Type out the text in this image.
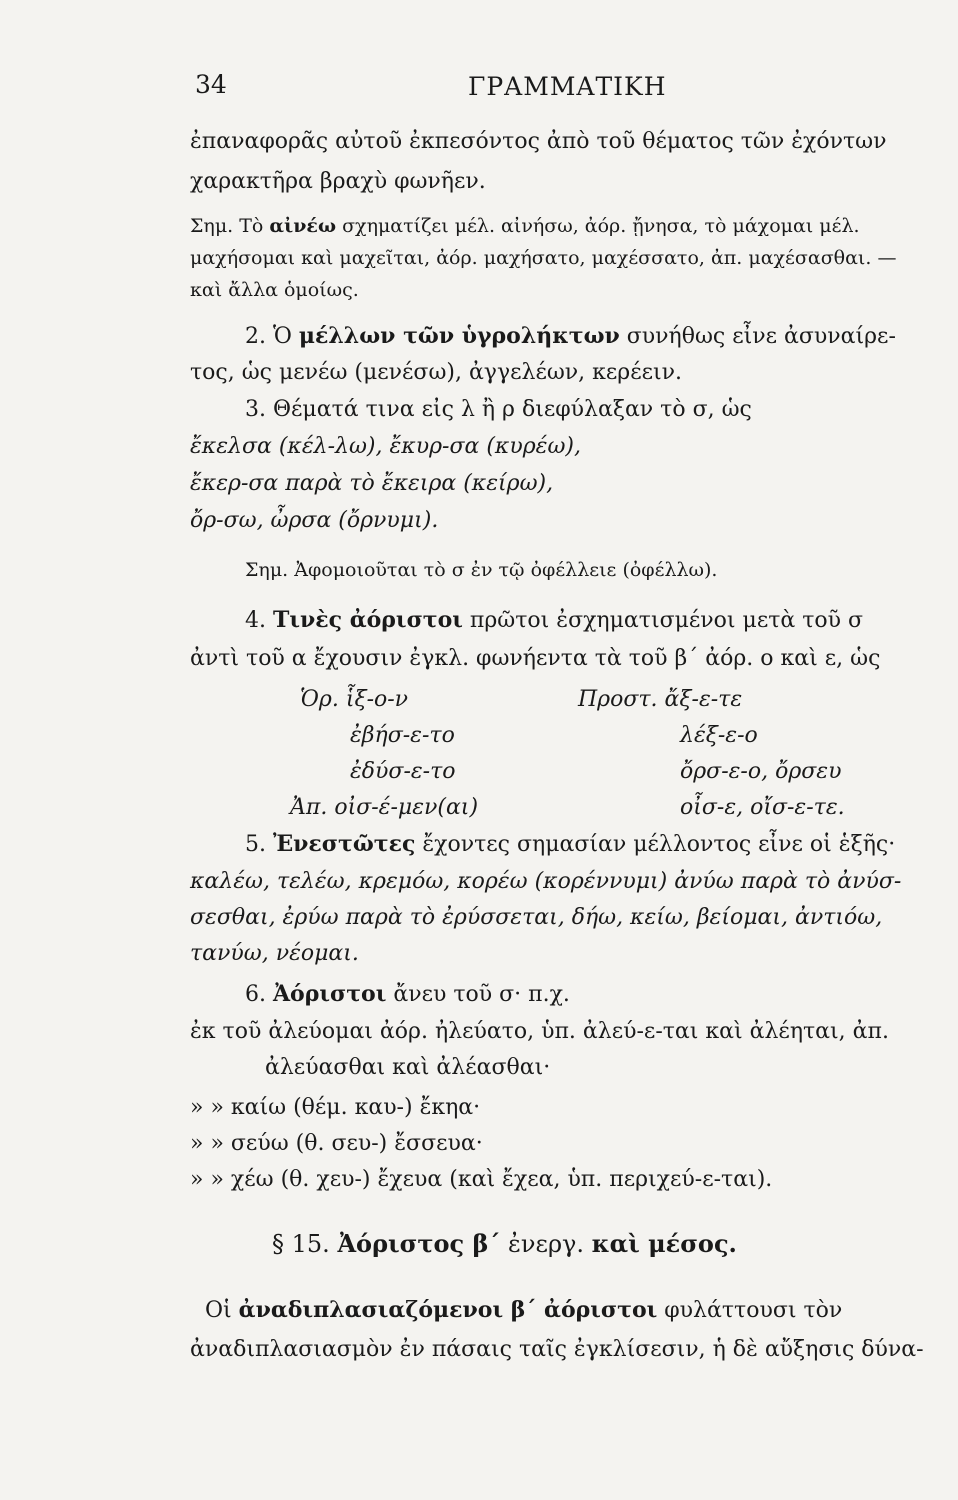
34	ΓΡΑΜΜΑΤΙΚΗ
ἐπαναφορᾶς αὐτοῦ ἐκπεσόντος ἀπὸ τοῦ θέματος τῶν ἐχόντων
χαρακτῆρα βραχὺ φωνῆεν.
Σημ. Τὸ αἰνέω σχηματίζει μέλ. αἰνήσω, ἀόρ. ᾔνησα, τὸ μάχομαι μέλ.
μαχήσομαι καὶ μαχεῖται, ἀόρ. μαχήσατο, μαχέσσατο, ἀπ. μαχέσασθαι. —
καὶ ἄλλα ὁμοίως.
2. Ὁ μέλλων τῶν ὑγρολήκτων συνήθως εἶνε ἀσυναίρε-
τος, ὡς μενέω (μενέσω), ἀγγελέων, κερέειν.
3. Θέματά τινα εἰς λ ἢ ρ διεφύλαξαν τὸ σ, ὡς
ἔκελσα (κέλ-λω), ἔκυρ-σα (κυρέω),
ἔκερ-σα παρὰ τὸ ἔκειρα (κείρω),
ὄρ-σω, ὦρσα (ὄρνυμι).
Σημ. Ἀφομοιοῦται τὸ σ ἐν τῷ ὀφέλλειε (ὀφέλλω).
4. Τινὲς ἀόριστοι πρῶτοι ἐσχηματισμένοι μετὰ τοῦ σ
ἀντὶ τοῦ α ἔχουσιν ἐγκλ. φωνήεντα τὰ τοῦ β΄ ἀόρ. ο καὶ ε, ὡς
Ὁρ. ἷξ-ο-ν	Προστ. ἄξ-ε-τε
ἐβήσ-ε-το	λέξ-ε-ο
ἐδύσ-ε-το	ὄρσ-ε-ο, ὄρσευ
Ἀπ. οἰσ-έ-μεν(αι)	οἶσ-ε, οἴσ-ε-τε.
5. Ἐνεστῶτες ἔχοντες σημασίαν μέλλοντος εἶνε οἱ ἑξῆς·
καλέω, τελέω, κρεμόω, κορέω (κορέννυμι) ἀνύω παρὰ τὸ ἀνύσ-
σεσθαι, ἐρύω παρὰ τὸ ἐρύσσεται, δήω, κείω, βείομαι, ἀντιόω,
τανύω, νέομαι.
6. Ἀόριστοι ἄνευ τοῦ σ· π.χ.
ἐκ τοῦ ἀλεύομαι ἀόρ. ἠλεύατο, ὑπ. ἀλεύ-ε-ται καὶ ἀλέηται, ἀπ.
ἀλεύασθαι καὶ ἀλέασθαι·
» » καίω (θέμ. καυ-) ἔκηα·
» » σεύω (θ. σευ-) ἔσσευα·
» » χέω (θ. χευ-) ἔχευα (καὶ ἔχεα, ὑπ. περιχεύ-ε-ται).
§ 15. Ἀόριστος β΄ ἐνεργ. καὶ μέσος.
Οἱ ἀναδιπλασιαζόμενοι β΄ ἀόριστοι φυλάττουσι τὸν
ἀναδιπλασιασμὸν ἐν πάσαις ταῖς ἐγκλίσεσιν, ἡ δὲ αὔξησις δύνα-
